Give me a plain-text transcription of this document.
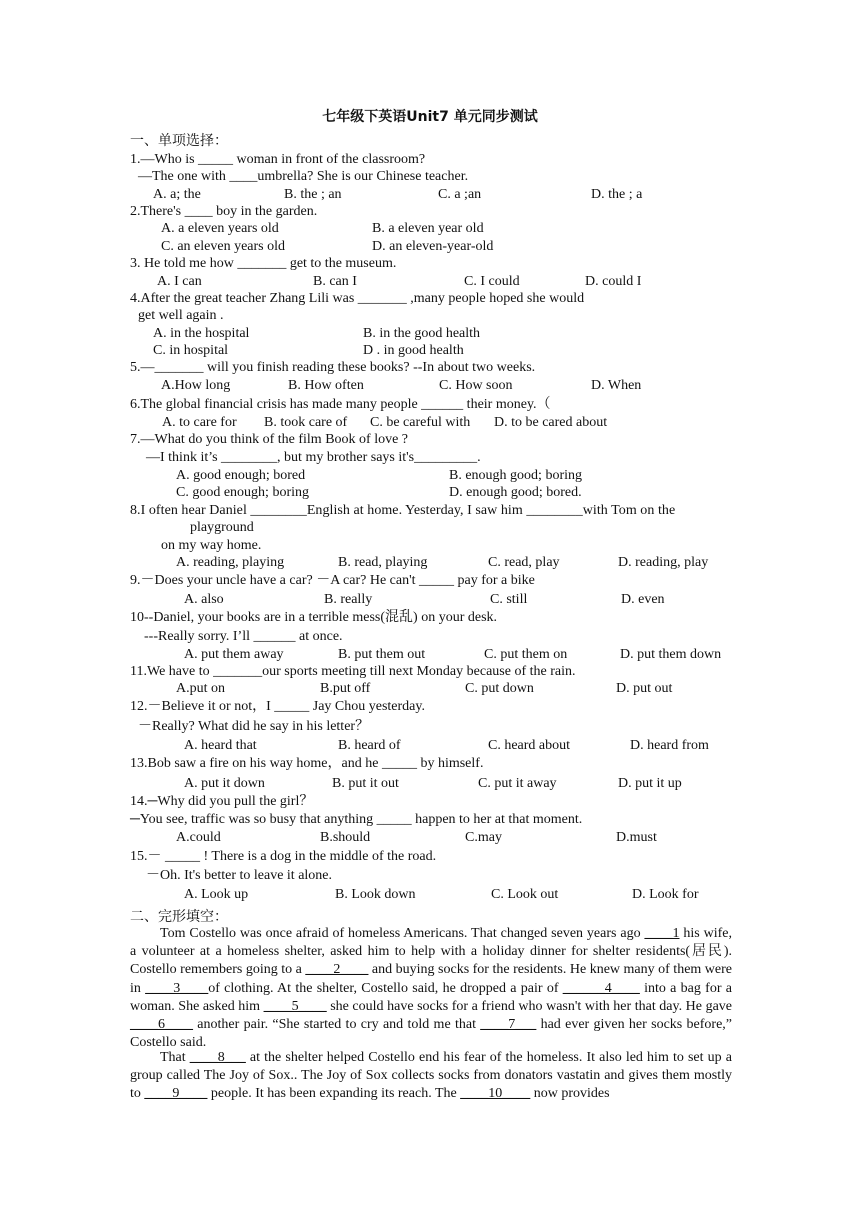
七年级下英语Unit7 单元同步测试
一、单项选择：
1.—Who is _____ woman in front of the classroom?
—The one with ____umbrella? She is our Chinese teacher.
A. a; the	B. the ; an	C. a ;an	D. the ; a
2.There's ____ boy in the garden.
A. a eleven years old	B. a eleven year old
C. an eleven years old	D. an eleven-year-old
3. He told me how _______ get to the museum.
A. I can	B. can I	C. I could	D. could I
4.After the great teacher Zhang Lili was _______ ,many people hoped she would
get well again .
A. in the hospital	B. in the good health
C. in hospital	D . in good health
5.—_______ will you finish reading these books? --In about two weeks.
A.How long	B. How often	C. How soon	D. When
6.The global financial crisis has made many people ______ their money.（
A. to care for B. took care of C. be careful with D. to be cared about
7.—What do you think of the film Book of love ?
—I think it’s ________, but my brother says it's_________.
A. good enough; bored	B. enough good; boring
C. good enough; boring	D. enough good; bored.
8.I often hear Daniel ________English at home. Yesterday, I saw him ________with Tom on the
playground
on my way home.
A. reading, playing	B. read, playing	C. read, play	D. reading, play
9.－Does your uncle have a car? －A car? He can't _____ pay for a bike
A. also	B. really	C. still	D. even
10--Daniel, your books are in a terrible mess(混乱) on your desk.
---Really sorry. I’ll ______ at once.
A. put them away	B. put them out	C. put them on	D. put them down
11.We have to _______our sports meeting till next Monday because of the rain.
A.put on	B.put off	C. put down	D. put out
12.－Believe it or not，I _____ Jay Chou yesterday.
－Really? What did he say in his letter？
A. heard that	B. heard of	C. heard about	D. heard from
13.Bob saw a fire on his way home，and he _____ by himself.
A. put it down	B. put it out	C. put it away	D. put it up
14.─Why did you pull the girl？
─You see, traffic was so busy that anything _____ happen to her at that moment.
A.could	B.should	C.may	D.must
15.－ _____ ! There is a dog in the middle of the road.
－Oh. It's better to leave it alone.
A. Look up	B. Look down	C. Look out	D. Look for
二、完形填空：
Tom Costello was once afraid of homeless Americans. That changed seven years ago ____1 his wife, a volunteer at a homeless shelter, asked him to help with a holiday dinner for shelter residents(居民). Costello remembers going to a ____2____ and buying socks for the residents. He knew many of them were in ____3____of clothing. At the shelter, Costello said, he dropped a pair of ______4____ into a bag for a woman. She asked him ____5____ she could have socks for a friend who wasn't with her that day. He gave ____6____ another pair. “She started to cry and told me that ____7___ had ever given her socks before,” Costello said.
That ____8___ at the shelter helped Costello end his fear of the homeless. It also led him to set up a group called The Joy of Sox.. The Joy of Sox collects socks from donators vastatin and gives them mostly to ____9____ people. It has been expanding its reach. The ____10____ now provides
